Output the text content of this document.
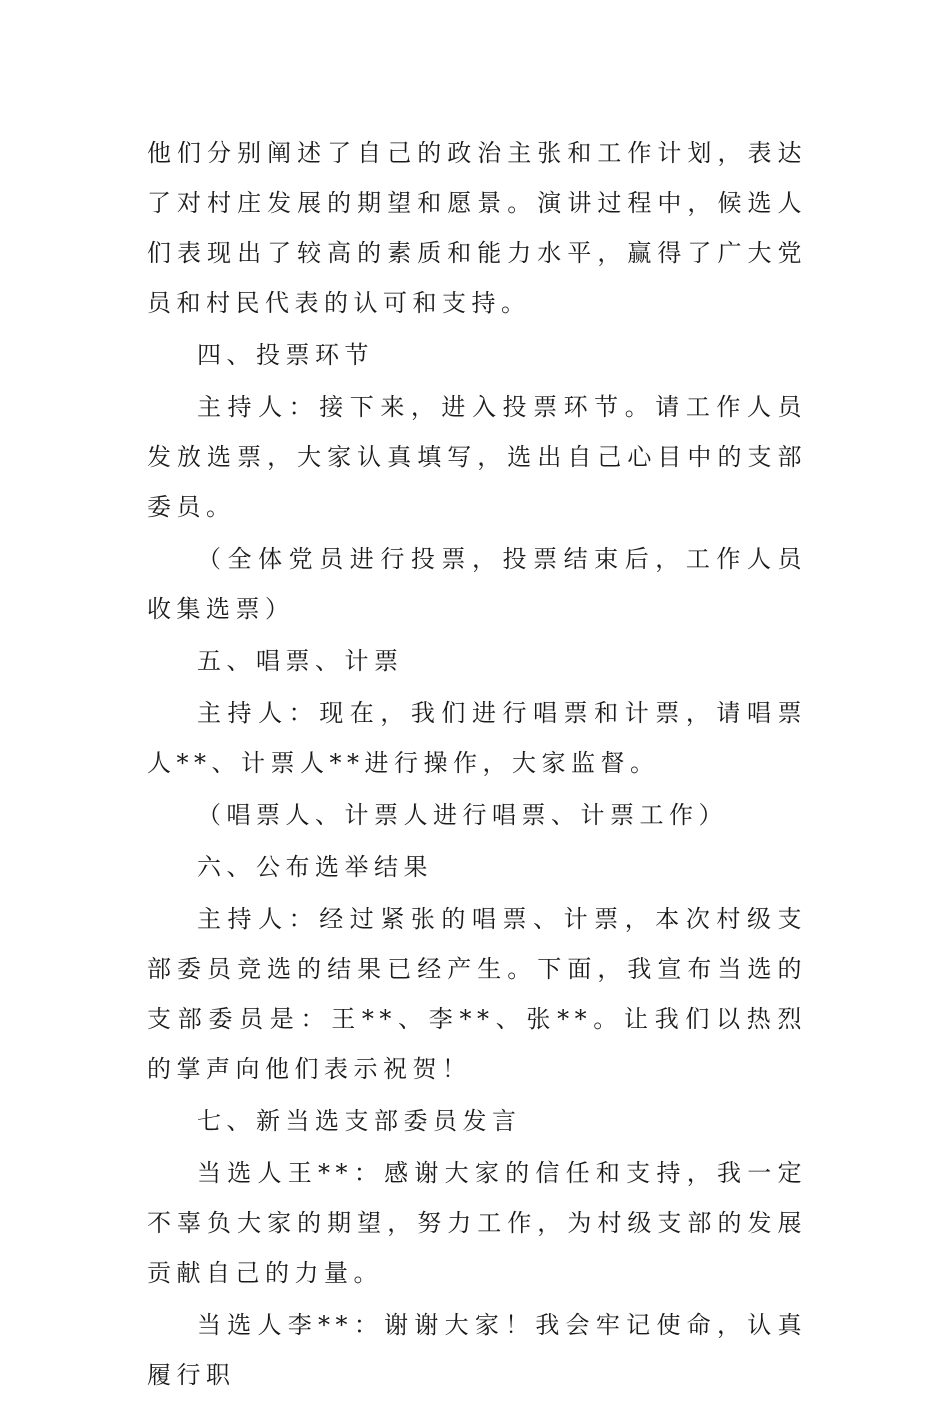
他们分别阐述了自己的政治主张和工作计划，表达了对村庄发展的期望和愿景。演讲过程中，候选人们表现出了较高的素质和能力水平，赢得了广大党员和村民代表的认可和支持。

四、投票环节

主持人：接下来，进入投票环节。请工作人员发放选票，大家认真填写，选出自己心目中的支部委员。

（全体党员进行投票，投票结束后，工作人员收集选票）

五、唱票、计票

主持人：现在，我们进行唱票和计票，请唱票人**、计票人**进行操作，大家监督。

（唱票人、计票人进行唱票、计票工作）

六、公布选举结果

主持人：经过紧张的唱票、计票，本次村级支部委员竞选的结果已经产生。下面，我宣布当选的支部委员是：王**、李**、张**。让我们以热烈的掌声向他们表示祝贺！

七、新当选支部委员发言

当选人王**：感谢大家的信任和支持，我一定不辜负大家的期望，努力工作，为村级支部的发展贡献自己的力量。

当选人李**：谢谢大家！我会牢记使命，认真履行职
